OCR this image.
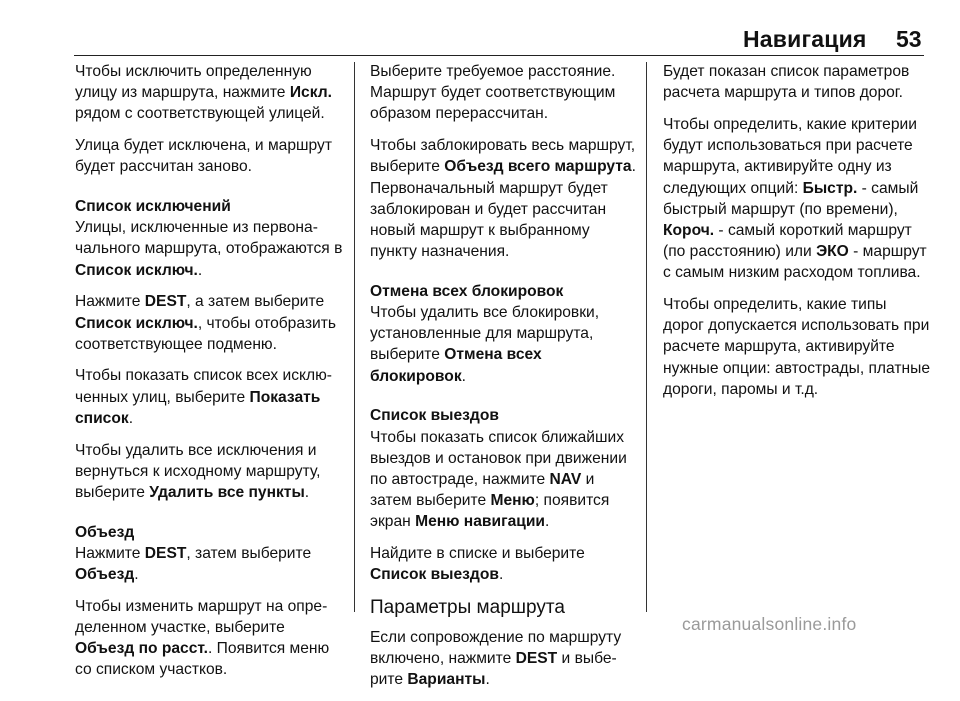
Навигация 53

Чтобы исключить определенную улицу из маршрута, нажмите Искл. рядом с соответствующей улицей.

Улица будет исключена, и маршрут будет рассчитан заново.

Список исключений

Улицы, исключенные из первоначального маршрута, отображаются в Список исключ..

Нажмите DEST, а затем выберите Список исключ., чтобы отобразить соответствующее подменю.

Чтобы показать список всех исключенных улиц, выберите Показать список.

Чтобы удалить все исключения и вернуться к исходному маршруту, выберите Удалить все пункты.

Объезд

Нажмите DEST, затем выберите Объезд.

Чтобы изменить маршрут на определенном участке, выберите Объезд по расст.. Появится меню со списком участков.

Выберите требуемое расстояние. Маршрут будет соответствующим образом перерассчитан.

Чтобы заблокировать весь маршрут, выберите Объезд всего маршрута. Первоначальный маршрут будет заблокирован и будет рассчитан новый маршрут к выбранному пункту назначения.

Отмена всех блокировок

Чтобы удалить все блокировки, установленные для маршрута, выберите Отмена всех блокировок.

Список выездов

Чтобы показать список ближайших выездов и остановок при движении по автостраде, нажмите NAV и затем выберите Меню; появится экран Меню навигации.

Найдите в списке и выберите Список выездов.

Параметры маршрута

Если сопровождение по маршруту включено, нажмите DEST и выберите Варианты.

Будет показан список параметров расчета маршрута и типов дорог.

Чтобы определить, какие критерии будут использоваться при расчете маршрута, активируйте одну из следующих опций: Быстр. - самый быстрый маршрут (по времени), Короч. - самый короткий маршрут (по расстоянию) или ЭКО - маршрут с самым низким расходом топлива.

Чтобы определить, какие типы дорог допускается использовать при расчете маршрута, активируйте нужные опции: автострады, платные дороги, паромы и т.д.

carmanualsonline.info
